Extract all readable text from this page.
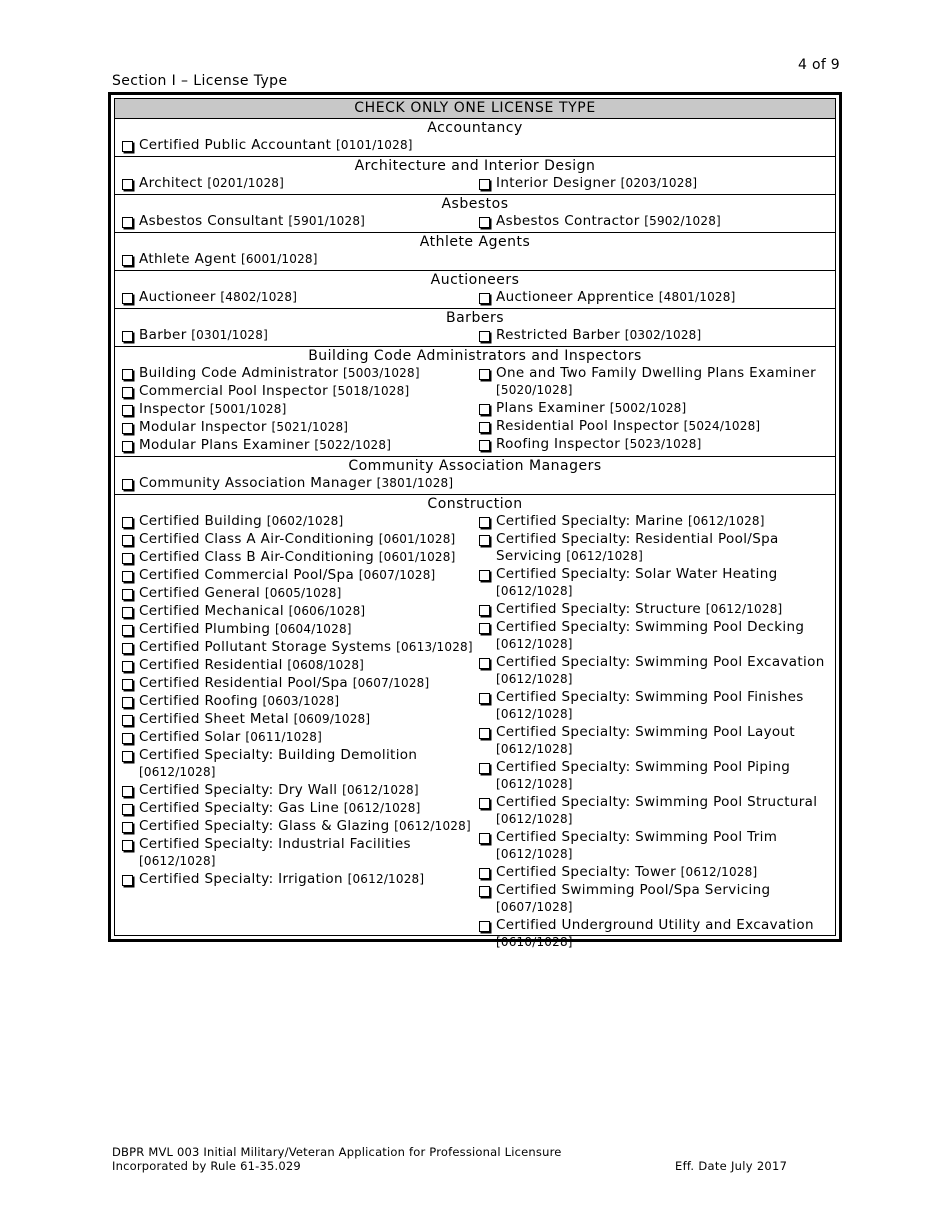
4 of 9
Section I – License Type
CHECK ONLY ONE LICENSE TYPE
Accountancy
Certified Public Accountant [0101/1028]
Architecture and Interior Design
Architect [0201/1028]	Interior Designer [0203/1028]
Asbestos
Asbestos Consultant [5901/1028]	Asbestos Contractor [5902/1028]
Athlete Agents
Athlete Agent [6001/1028]
Auctioneers
Auctioneer [4802/1028]	Auctioneer Apprentice [4801/1028]
Barbers
Barber [0301/1028]	Restricted Barber [0302/1028]
Building Code Administrators and Inspectors
Building Code Administrator [5003/1028]
Commercial Pool Inspector [5018/1028]
Inspector [5001/1028]
Modular Inspector [5021/1028]
Modular Plans Examiner [5022/1028]
One and Two Family Dwelling Plans Examiner [5020/1028]
Plans Examiner [5002/1028]
Residential Pool Inspector [5024/1028]
Roofing Inspector [5023/1028]
Community Association Managers
Community Association Manager [3801/1028]
Construction
Certified Building [0602/1028]
Certified Class A Air-Conditioning [0601/1028]
Certified Class B Air-Conditioning [0601/1028]
Certified Commercial Pool/Spa [0607/1028]
Certified General [0605/1028]
Certified Mechanical [0606/1028]
Certified Plumbing [0604/1028]
Certified Pollutant Storage Systems [0613/1028]
Certified Residential [0608/1028]
Certified Residential Pool/Spa [0607/1028]
Certified Roofing [0603/1028]
Certified Sheet Metal [0609/1028]
Certified Solar [0611/1028]
Certified Specialty: Building Demolition [0612/1028]
Certified Specialty: Dry Wall [0612/1028]
Certified Specialty: Gas Line [0612/1028]
Certified Specialty: Glass & Glazing [0612/1028]
Certified Specialty: Industrial Facilities [0612/1028]
Certified Specialty: Irrigation [0612/1028]
Certified Specialty: Marine [0612/1028]
Certified Specialty: Residential Pool/Spa Servicing [0612/1028]
Certified Specialty: Solar Water Heating [0612/1028]
Certified Specialty: Structure [0612/1028]
Certified Specialty: Swimming Pool Decking [0612/1028]
Certified Specialty: Swimming Pool Excavation [0612/1028]
Certified Specialty: Swimming Pool Finishes [0612/1028]
Certified Specialty: Swimming Pool Layout [0612/1028]
Certified Specialty: Swimming Pool Piping [0612/1028]
Certified Specialty: Swimming Pool Structural [0612/1028]
Certified Specialty: Swimming Pool Trim [0612/1028]
Certified Specialty: Tower [0612/1028]
Certified Swimming Pool/Spa Servicing [0607/1028]
Certified Underground Utility and Excavation [0610/1028]
DBPR MVL 003 Initial Military/Veteran Application for Professional Licensure
Incorporated by Rule 61-35.029	Eff. Date July 2017
